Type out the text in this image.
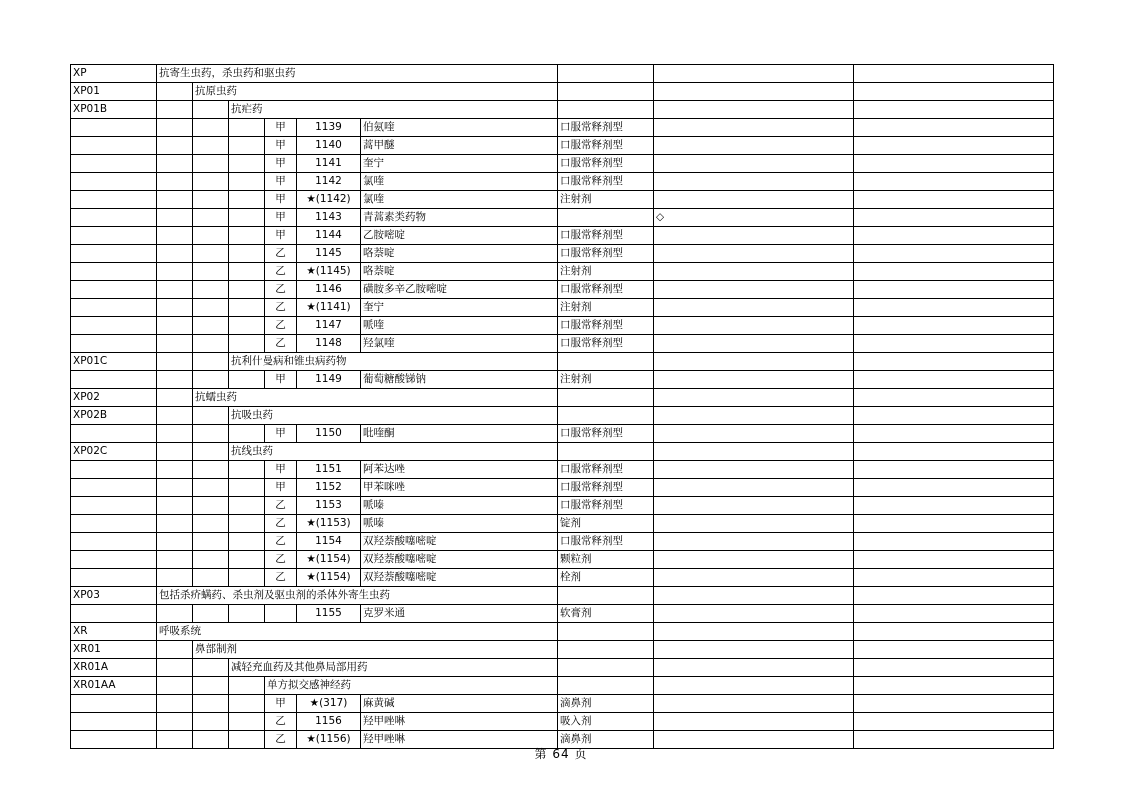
XP	抗寄生虫药，杀虫药和驱虫药								
XP01		抗原虫药							
XP01B			抗疟药						
				甲	1139	伯氨喹	口服常释剂型		
				甲	1140	蒿甲醚	口服常释剂型		
				甲	1141	奎宁	口服常释剂型		
				甲	1142	氯喹	口服常释剂型		
				甲	★(1142)	氯喹	注射剂		
				甲	1143	青蒿素类药物		◇	
				甲	1144	乙胺嘧啶	口服常释剂型		
				乙	1145	咯萘啶	口服常释剂型		
				乙	★(1145)	咯萘啶	注射剂		
				乙	1146	磺胺多辛乙胺嘧啶	口服常释剂型		
				乙	★(1141)	奎宁	注射剂		
				乙	1147	哌喹	口服常释剂型		
				乙	1148	羟氯喹	口服常释剂型		
XP01C			抗利什曼病和锥虫病药物						
				甲	1149	葡萄糖酸锑钠	注射剂		
XP02		抗蠕虫药							
XP02B			抗吸虫药						
				甲	1150	吡喹酮	口服常释剂型		
XP02C			抗线虫药						
				甲	1151	阿苯达唑	口服常释剂型		
				甲	1152	甲苯咪唑	口服常释剂型		
				乙	1153	哌嗪	口服常释剂型		
				乙	★(1153)	哌嗪	锭剂		
				乙	1154	双羟萘酸噻嘧啶	口服常释剂型		
				乙	★(1154)	双羟萘酸噻嘧啶	颗粒剂		
				乙	★(1154)	双羟萘酸噻嘧啶	栓剂		
XP03	包括杀疥螨药、杀虫剂及驱虫剂的杀体外寄生虫药								
					1155	克罗米通	软膏剂		
XR	呼吸系统								
XR01		鼻部制剂							
XR01A			减轻充血药及其他鼻局部用药						
XR01AA				单方拟交感神经药					
				甲	★(317)	麻黄碱	滴鼻剂		
				乙	1156	羟甲唑啉	吸入剂		
				乙	★(1156)	羟甲唑啉	滴鼻剂		
第 64 页
